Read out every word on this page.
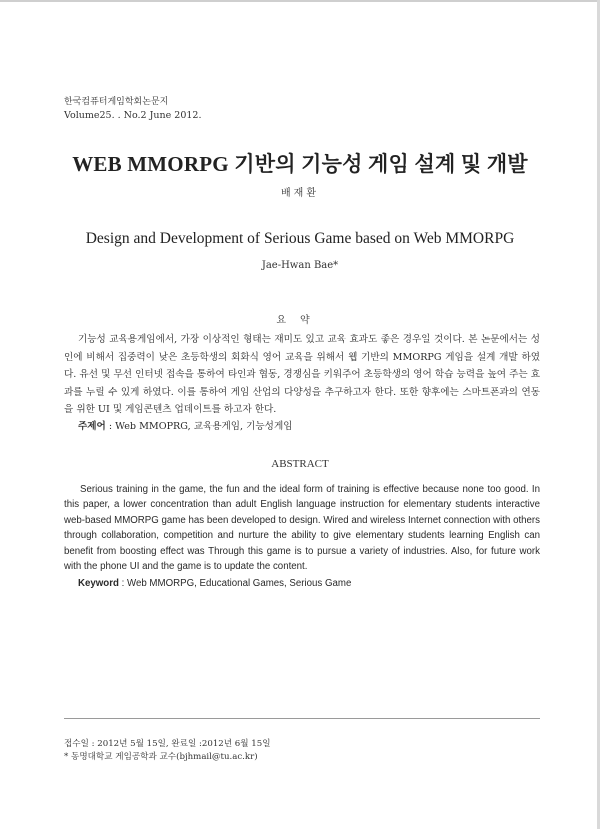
한국컴퓨터게임학회논문지
Volume25. . No.2 June 2012.
WEB MMORPG 기반의 기능성 게임 설계 및 개발
배재환
Design and Development of Serious Game based on Web MMORPG
Jae-Hwan Bae*
요약

기능성 교육용게임에서, 가장 이상적인 형태는 재미도 있고 교육 효과도 좋은 경우일 것이다. 본 논문에서는 성인에 비해서 집중력이 낮은 초등학생의 회화식 영어 교육을 위해서 웹 기반의 MMORPG 게임을 설계 개발 하였다. 유선 및 무선 인터넷 접속을 통하여 타인과 협동, 경쟁심을 키워주어 초등학생의 영어 학습 능력을 높여 주는 효과를 누릴 수 있게 하였다. 이를 통하여 게임 산업의 다양성을 추구하고자 한다. 또한 향후에는 스마트폰과의 연동을 위한 UI 및 게임콘텐츠 업데이트를 하고자 한다.

주제어 : Web MMOPRG, 교육용게임, 기능성게임
ABSTRACT

Serious training in the game, the fun and the ideal form of training is effective because none too good. In this paper, a lower concentration than adult English language instruction for elementary students interactive web-based MMORPG game has been developed to design. Wired and wireless Internet connection with others through collaboration, competition and nurture the ability to give elementary students learning English can benefit from boosting effect was Through this game is to pursue a variety of industries. Also, for future work with the phone UI and the game is to update the content.

Keyword : Web MMORPG, Educational Games, Serious Game
접수일 : 2012년 5월 15일, 완료일 :2012년 6월 15일
* 동명대학교 게임공학과 교수(bjhmail@tu.ac.kr)
